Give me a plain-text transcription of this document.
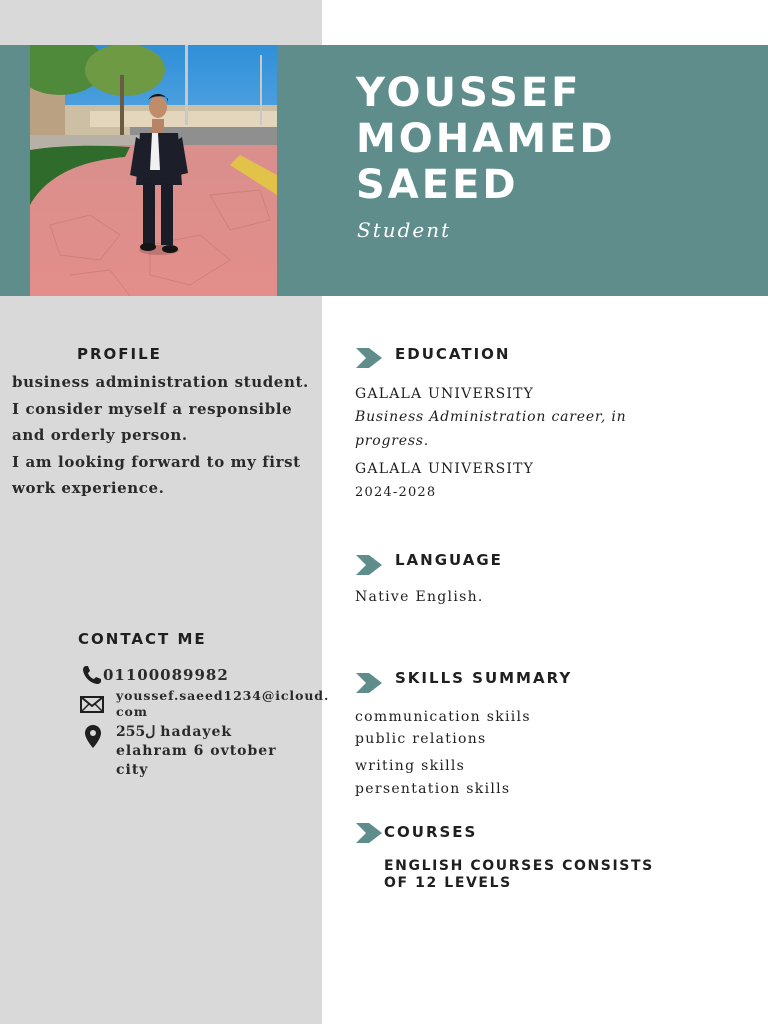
YOUSSEF
MOHAMED
SAEED
Student
PROFILE
business administration student.
I consider myself a responsible
and orderly person.
I am looking forward to my first
work experience.
CONTACT ME
01100089982
youssef.saeed1234@icloud.
com
255ل hadayek
elahram 6 ovtober
city
EDUCATION
GALALA UNIVERSITY
Business Administration career, in
progress.
GALALA UNIVERSITY
2024-2028
LANGUAGE
Native English.
SKILLS SUMMARY
communication skiils
public relations
writing skills
persentation skills
COURSES
ENGLISH COURSES CONSISTS
OF 12 LEVELS
